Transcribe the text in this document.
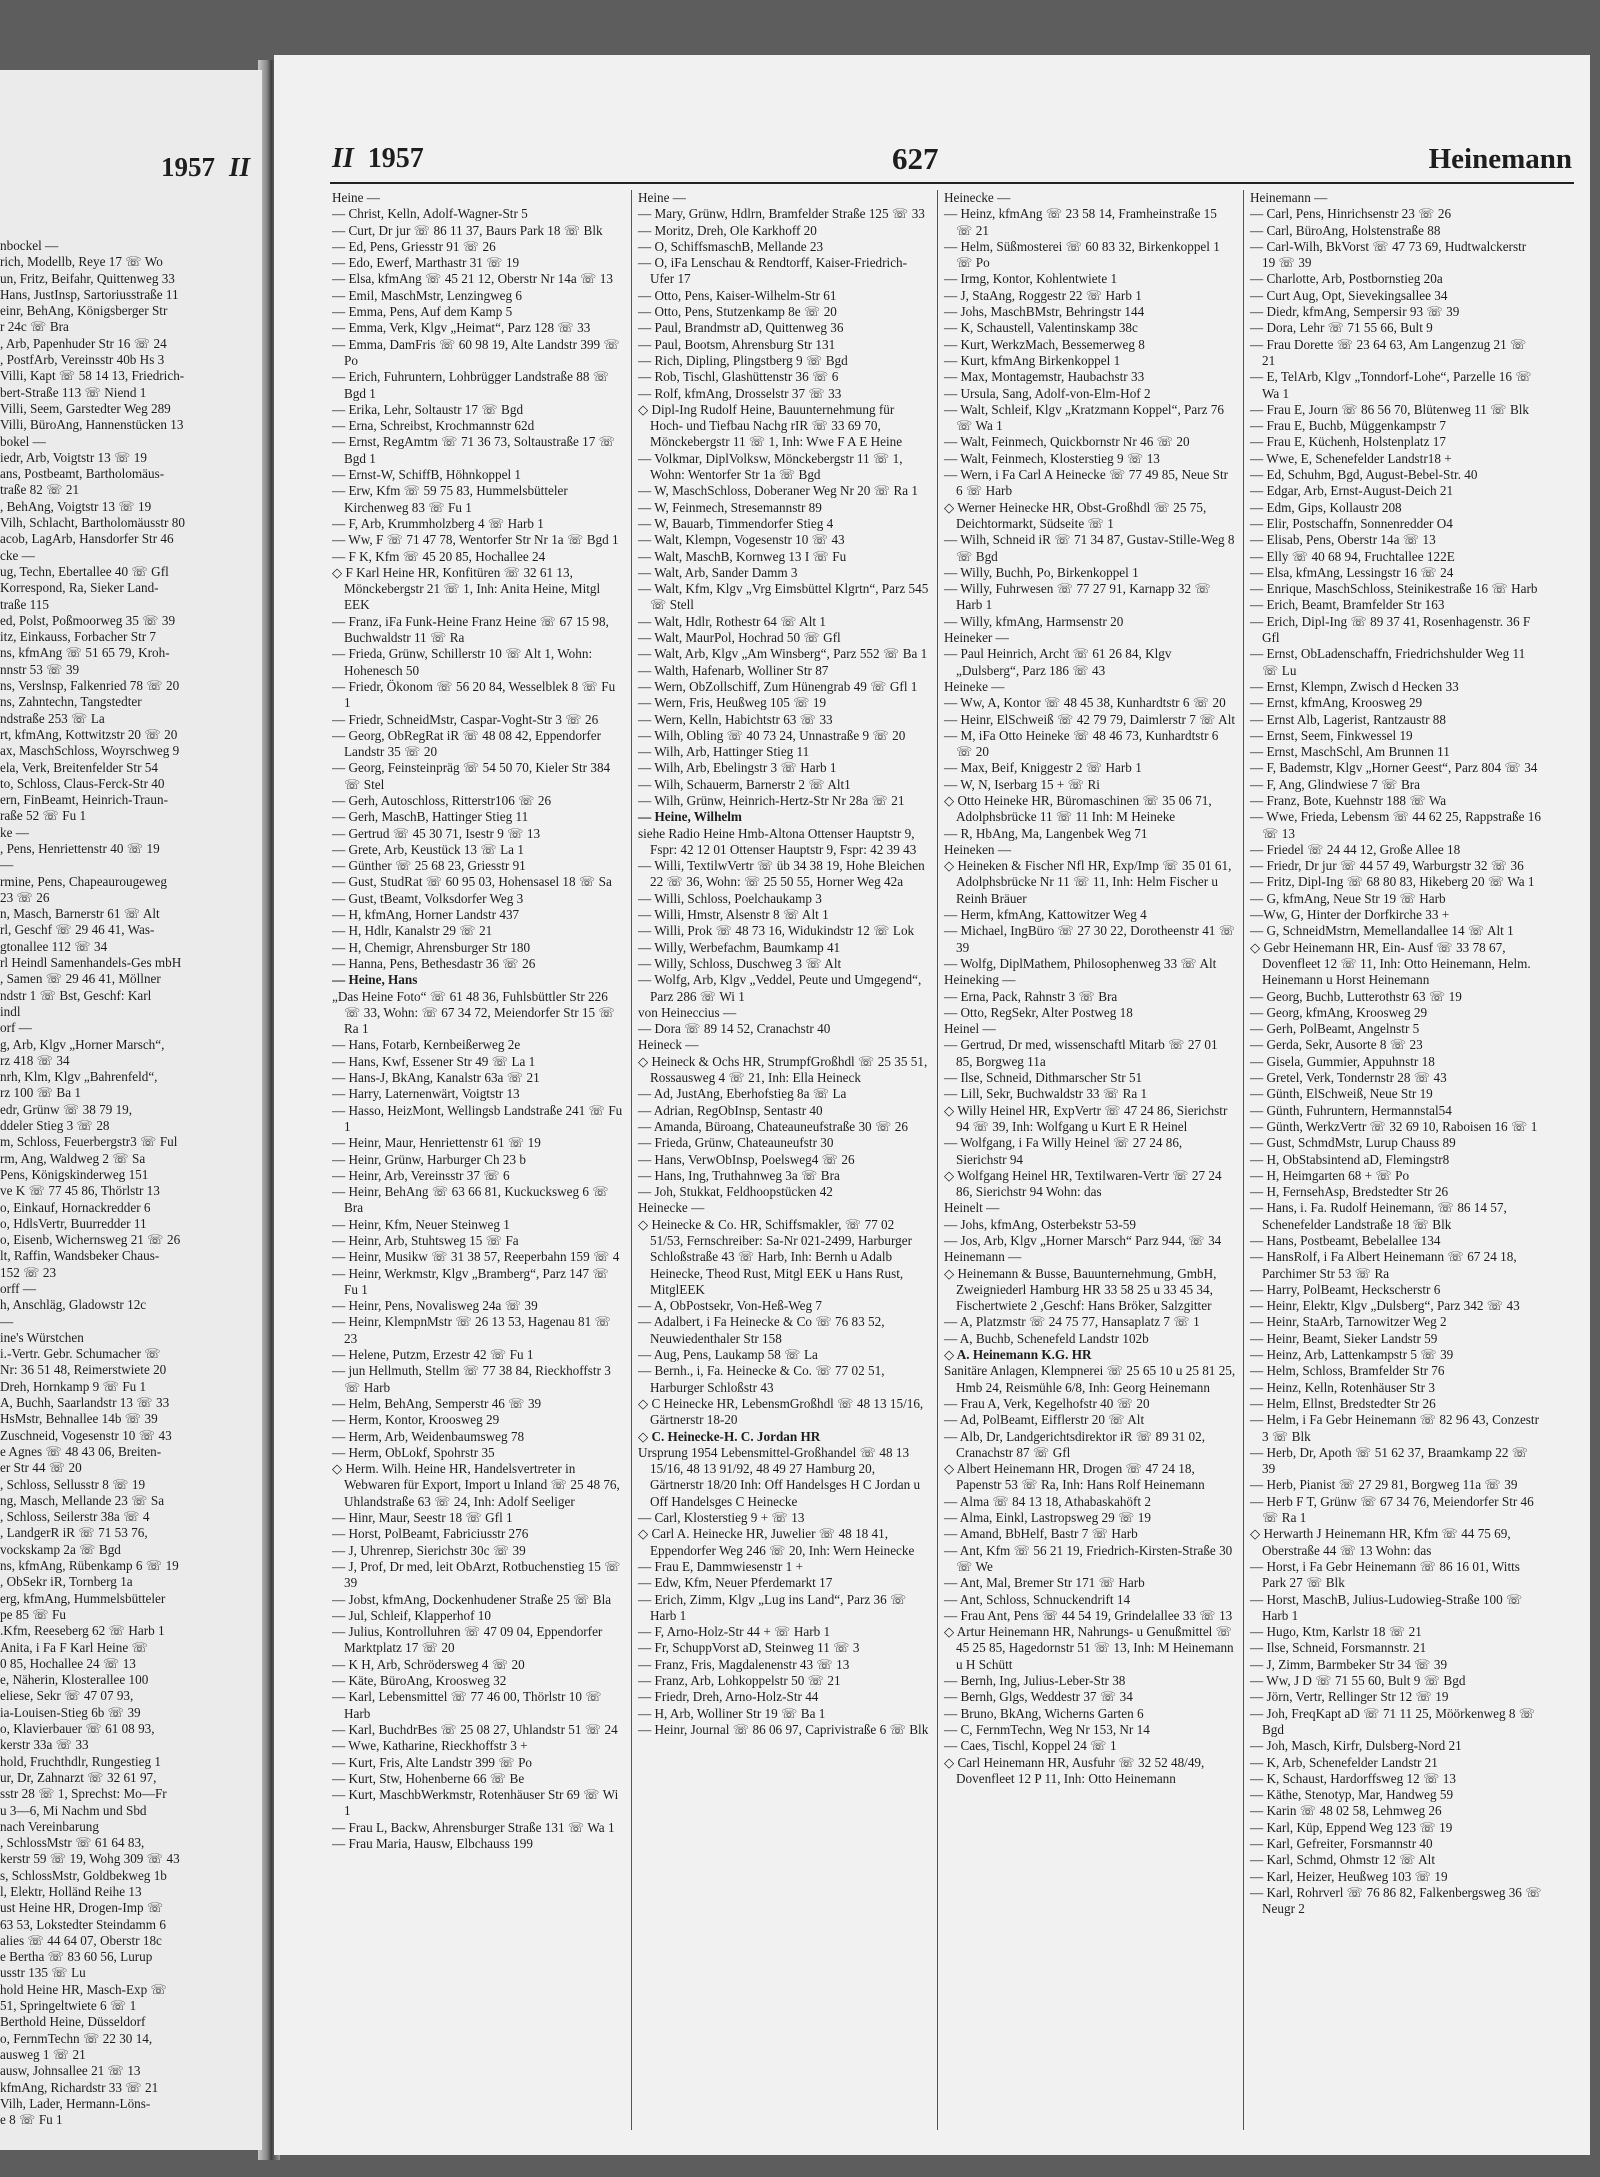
1957 II
nbockel —
rich, Modellb, Reye 17 ☏ Wo
un, Fritz, Beifahr, Quittenweg 33
Hans, JustInsp, Sartoriusstraße 11
einr, BehAng, Königsberger Str
r 24c ☏ Bra
, Arb, Papenhuder Str 16 ☏ 24
, PostfArb, Vereinsstr 40b Hs 3
Villi, Kapt ☏ 58 14 13, Friedrich-
bert-Straße 113 ☏ Niend 1
Villi, Seem, Garstedter Weg 289
Villi, BüroAng, Hannenstücken 13
bokel —
iedr, Arb, Voigtstr 13 ☏ 19
ans, Postbeamt, Bartholomäus-
traße 82 ☏ 21
, BehAng, Voigtstr 13 ☏ 19
Vilh, Schlacht, Bartholomäusstr 80
acob, LagArb, Hansdorfer Str 46
cke —
ug, Techn, Ebertallee 40 ☏ Gfl
Korrespond, Ra, Sieker Land-
traße 115
ed, Polst, Poßmoorweg 35 ☏ 39
itz, Einkauss, Forbacher Str 7
ns, kfmAng ☏ 51 65 79, Kroh-
nnstr 53 ☏ 39
ns, Verslnsp, Falkenried 78 ☏ 20
ns, Zahntechn, Tangstedter
ndstraße 253 ☏ La
rt, kfmAng, Kottwitzstr 20 ☏ 20
ax, MaschSchloss, Woyrschweg 9
ela, Verk, Breitenfelder Str 54
to, Schloss, Claus-Ferck-Str 40
ern, FinBeamt, Heinrich-Traun-
raße 52 ☏ Fu 1
ke —
, Pens, Henriettenstr 40 ☏ 19
—
rmine, Pens, Chapeaurougeweg
23 ☏ 26
n, Masch, Barnerstr 61 ☏ Alt
rl, Geschf ☏ 29 46 41, Was-
gtonallee 112 ☏ 34
rl Heindl Samenhandels-Ges mbH
, Samen ☏ 29 46 41, Möllner
ndstr 1 ☏ Bst, Geschf: Karl
indl
orf —
g, Arb, Klgv „Horner Marsch“,
rz 418 ☏ 34
nrh, Klm, Klgv „Bahrenfeld“,
rz 100 ☏ Ba 1
edr, Grünw ☏ 38 79 19,
ddeler Stieg 3 ☏ 28
m, Schloss, Feuerbergstr3 ☏ Ful
rm, Ang, Waldweg 2 ☏ Sa
Pens, Königskinderweg 151
ve K ☏ 77 45 86, Thörlstr 13
o, Einkauf, Hornackredder 6
o, HdlsVertr, Buurredder 11
o, Eisenb, Wichernsweg 21 ☏ 26
lt, Raffin, Wandsbeker Chaus-
152 ☏ 23
orff —
h, Anschläg, Gladowstr 12c
—
ine's Würstchen
i.-Vertr. Gebr. Schumacher ☏
Nr: 36 51 48, Reimerstwiete 20
Dreh, Hornkamp 9 ☏ Fu 1
A, Buchh, Saarlandstr 13 ☏ 33
HsMstr, Behnallee 14b ☏ 39
Zuschneid, Vogesenstr 10 ☏ 43
e Agnes ☏ 48 43 06, Breiten-
er Str 44 ☏ 20
, Schloss, Sellusstr 8 ☏ 19
ng, Masch, Mellande 23 ☏ Sa
, Schloss, Seilerstr 38a ☏ 4
, LandgerR iR ☏ 71 53 76,
vockskamp 2a ☏ Bgd
ns, kfmAng, Rübenkamp 6 ☏ 19
, ObSekr iR, Tornberg 1a
erg, kfmAng, Hummelsbütteler
pe 85 ☏ Fu
.Kfm, Reeseberg 62 ☏ Harb 1
Anita, i Fa F Karl Heine ☏
0 85, Hochallee 24 ☏ 13
e, Näherin, Klosterallee 100
eliese, Sekr ☏ 47 07 93,
ia-Louisen-Stieg 6b ☏ 39
o, Klavierbauer ☏ 61 08 93,
kerstr 33a ☏ 33
hold, Fruchthdlr, Rungestieg 1
ur, Dr, Zahnarzt ☏ 32 61 97,
sstr 28 ☏ 1, Sprechst: Mo—Fr
u 3—6, Mi Nachm und Sbd
nach Vereinbarung
, SchlossMstr ☏ 61 64 83,
kerstr 59 ☏ 19, Wohg 309 ☏ 43
s, SchlossMstr, Goldbekweg 1b
l, Elektr, Holländ Reihe 13
ust Heine HR, Drogen-Imp ☏
63 53, Lokstedter Steindamm 6
alies ☏ 44 64 07, Oberstr 18c
e Bertha ☏ 83 60 56, Lurup
usstr 135 ☏ Lu
hold Heine HR, Masch-Exp ☏
51, Springeltwiete 6 ☏ 1
Berthold Heine, Düsseldorf
o, FernmTechn ☏ 22 30 14,
ausweg 1 ☏ 21
ausw, Johnsallee 21 ☏ 13
kfmAng, Richardstr 33 ☏ 21
Vilh, Lader, Hermann-Löns-
e 8 ☏ Fu 1
II 1957	627	Heinemann
Heine —
— Christ, Kelln, Adolf-Wagner-Str 5
— Curt, Dr jur ☏ 86 11 37, Baurs Park 18 ☏ Blk
— Ed, Pens, Griesstr 91 ☏ 26
— Edo, Ewerf, Marthastr 31 ☏ 19
— Elsa, kfmAng ☏ 45 21 12, Oberstr Nr 14a ☏ 13
— Emil, MaschMstr, Lenzingweg 6
— Emma, Pens, Auf dem Kamp 5
— Emma, Verk, Klgv „Heimat“, Parz 128 ☏ 33
— Emma, DamFris ☏ 60 98 19, Alte Landstr 399 ☏ Po
— Erich, Fuhruntern, Lohbrügger Landstraße 88 ☏ Bgd 1
— Erika, Lehr, Soltaustr 17 ☏ Bgd
— Erna, Schreibst, Krochmannstr 62d
— Ernst, RegAmtm ☏ 71 36 73, Soltaustraße 17 ☏ Bgd 1
— Ernst-W, SchiffB, Höhnkoppel 1
— Erw, Kfm ☏ 59 75 83, Hummelsbütteler Kirchenweg 83 ☏ Fu 1
— F, Arb, Krummholzberg 4 ☏ Harb 1
— Ww, F ☏ 71 47 78, Wentorfer Str Nr 1a ☏ Bgd 1
— F K, Kfm ☏ 45 20 85, Hochallee 24
◇ F Karl Heine HR, Konfitüren ☏ 32 61 13, Mönckebergstr 21 ☏ 1, Inh: Anita Heine, Mitgl EEK
— Franz, iFa Funk-Heine Franz Heine ☏ 67 15 98, Buchwaldstr 11 ☏ Ra
— Frieda, Grünw, Schillerstr 10 ☏ Alt 1, Wohn: Hohenesch 50
— Friedr, Ökonom ☏ 56 20 84, Wesselblek 8 ☏ Fu 1
— Friedr, SchneidMstr, Caspar-Voght-Str 3 ☏ 26
— Georg, ObRegRat iR ☏ 48 08 42, Eppendorfer Landstr 35 ☏ 20
— Georg, Feinsteinpräg ☏ 54 50 70, Kieler Str 384 ☏ Stel
— Gerh, Autoschloss, Ritterstr106 ☏ 26
— Gerh, MaschB, Hattinger Stieg 11
— Gertrud ☏ 45 30 71, Isestr 9 ☏ 13
— Grete, Arb, Keustück 13 ☏ La 1
— Günther ☏ 25 68 23, Griesstr 91
— Gust, StudRat ☏ 60 95 03, Hohensasel 18 ☏ Sa
— Gust, tBeamt, Volksdorfer Weg 3
— H, kfmAng, Horner Landstr 437
— H, Hdlr, Kanalstr 29 ☏ 21
— H, Chemigr, Ahrensburger Str 180
— Hanna, Pens, Bethesdastr 36 ☏ 26
— Heine, Hans
„Das Heine Foto“ ☏ 61 48 36, Fuhlsbüttler Str 226 ☏ 33, Wohn: ☏ 67 34 72, Meiendorfer Str 15 ☏ Ra 1
— Hans, Fotarb, Kernbeißerweg 2e
— Hans, Kwf, Essener Str 49 ☏ La 1
— Hans-J, BkAng, Kanalstr 63a ☏ 21
— Harry, Laternenwärt, Voigtstr 13
— Hasso, HeizMont, Wellingsb Landstraße 241 ☏ Fu 1
— Heinr, Maur, Henriettenstr 61 ☏ 19
— Heinr, Grünw, Harburger Ch 23 b
— Heinr, Arb, Vereinsstr 37 ☏ 6
— Heinr, BehAng ☏ 63 66 81, Kuckucksweg 6 ☏ Bra
— Heinr, Kfm, Neuer Steinweg 1
— Heinr, Arb, Stuhtsweg 15 ☏ Fa
— Heinr, Musikw ☏ 31 38 57, Reeperbahn 159 ☏ 4
— Heinr, Werkmstr, Klgv „Bramberg“, Parz 147 ☏ Fu 1
— Heinr, Pens, Novalisweg 24a ☏ 39
— Heinr, KlempnMstr ☏ 26 13 53, Hagenau 81 ☏ 23
— Helene, Putzm, Erzestr 42 ☏ Fu 1
— jun Hellmuth, Stellm ☏ 77 38 84, Rieckhoffstr 3 ☏ Harb
— Helm, BehAng, Semperstr 46 ☏ 39
— Herm, Kontor, Kroosweg 29
— Herm, Arb, Weidenbaumsweg 78
— Herm, ObLokf, Spohrstr 35
◇ Herm. Wilh. Heine HR, Handelsvertreter in Webwaren für Export, Import u Inland ☏ 25 48 76, Uhlandstraße 63 ☏ 24, Inh: Adolf Seeliger
— Hinr, Maur, Seestr 18 ☏ Gfl 1
— Horst, PolBeamt, Fabriciusstr 276
— J, Uhrenrep, Sierichstr 30c ☏ 39
— J, Prof, Dr med, leit ObArzt, Rotbuchenstieg 15 ☏ 39
— Jobst, kfmAng, Dockenhudener Straße 25 ☏ Bla
— Jul, Schleif, Klapperhof 10
— Julius, Kontrolluhren ☏ 47 09 04, Eppendorfer Marktplatz 17 ☏ 20
— K H, Arb, Schrödersweg 4 ☏ 20
— Käte, BüroAng, Kroosweg 32
— Karl, Lebensmittel ☏ 77 46 00, Thörlstr 10 ☏ Harb
— Karl, BuchdrBes ☏ 25 08 27, Uhlandstr 51 ☏ 24
— Wwe, Katharine, Rieckhoffstr 3 +
— Kurt, Fris, Alte Landstr 399 ☏ Po
— Kurt, Stw, Hohenberne 66 ☏ Be
— Kurt, MaschbWerkmstr, Rotenhäuser Str 69 ☏ Wi 1
— Frau L, Backw, Ahrensburger Straße 131 ☏ Wa 1
— Frau Maria, Hausw, Elbchauss 199
Heine —
— Mary, Grünw, Hdlrn, Bramfelder Straße 125 ☏ 33
— Moritz, Dreh, Ole Karkhoff 20
— O, SchiffsmaschB, Mellande 23
— O, iFa Lenschau & Rendtorff, Kaiser-Friedrich-Ufer 17
— Otto, Pens, Kaiser-Wilhelm-Str 61
— Otto, Pens, Stutzenkamp 8e ☏ 20
— Paul, Brandmstr aD, Quittenweg 36
— Paul, Bootsm, Ahrensburg Str 131
— Rich, Dipling, Plingstberg 9 ☏ Bgd
— Rob, Tischl, Glashüttenstr 36 ☏ 6
— Rolf, kfmAng, Drosselstr 37 ☏ 33
◇ Dipl-Ing Rudolf Heine, Bauunternehmung für Hoch- und Tiefbau Nachg rIR ☏ 33 69 70, Mönckebergstr 11 ☏ 1, Inh: Wwe F A E Heine
— Volkmar, DiplVolksw, Mönckebergstr 11 ☏ 1, Wohn: Wentorfer Str 1a ☏ Bgd
— W, MaschSchloss, Doberaner Weg Nr 20 ☏ Ra 1
— W, Feinmech, Stresemannstr 89
— W, Bauarb, Timmendorfer Stieg 4
— Walt, Klempn, Vogesenstr 10 ☏ 43
— Walt, MaschB, Kornweg 13 I ☏ Fu
— Walt, Arb, Sander Damm 3
— Walt, Kfm, Klgv „Vrg Eimsbüttel Klgrtn“, Parz 545 ☏ Stell
— Walt, Hdlr, Rothestr 64 ☏ Alt 1
— Walt, MaurPol, Hochrad 50 ☏ Gfl
— Walt, Arb, Klgv „Am Winsberg“, Parz 552 ☏ Ba 1
— Walth, Hafenarb, Wolliner Str 87
— Wern, ObZollschiff, Zum Hünengrab 49 ☏ Gfl 1
— Wern, Fris, Heußweg 105 ☏ 19
— Wern, Kelln, Habichtstr 63 ☏ 33
— Wilh, Obling ☏ 40 73 24, Unnastraße 9 ☏ 20
— Wilh, Arb, Hattinger Stieg 11
— Wilh, Arb, Ebelingstr 3 ☏ Harb 1
— Wilh, Schauerm, Barnerstr 2 ☏ Alt1
— Wilh, Grünw, Heinrich-Hertz-Str Nr 28a ☏ 21
— Heine, Wilhelm
siehe Radio Heine Hmb-Altona Ottenser Hauptstr 9, Fspr: 42 12 01 Ottenser Hauptstr 9, Fspr: 42 39 43
— Willi, TextilwVertr ☏ üb 34 38 19, Hohe Bleichen 22 ☏ 36, Wohn: ☏ 25 50 55, Horner Weg 42a
— Willi, Schloss, Poelchaukamp 3
— Willi, Hmstr, Alsenstr 8 ☏ Alt 1
— Willi, Prok ☏ 48 73 16, Widukindstr 12 ☏ Lok
— Willy, Werbefachm, Baumkamp 41
— Willy, Schloss, Duschweg 3 ☏ Alt
— Wolfg, Arb, Klgv „Veddel, Peute und Umgegend“, Parz 286 ☏ Wi 1
von Heineccius —
— Dora ☏ 89 14 52, Cranachstr 40
Heineck —
◇ Heineck & Ochs HR, StrumpfGroßhdl ☏ 25 35 51, Rossausweg 4 ☏ 21, Inh: Ella Heineck
— Ad, JustAng, Eberhofstieg 8a ☏ La
— Adrian, RegObInsp, Sentastr 40
— Amanda, Büroang, Chateauneufstraße 30 ☏ 26
— Frieda, Grünw, Chateauneufstr 30
— Hans, VerwObInsp, Poelsweg4 ☏ 26
— Hans, Ing, Truthahnweg 3a ☏ Bra
— Joh, Stukkat, Feldhoopstücken 42
Heinecke —
◇ Heinecke & Co. HR, Schiffsmakler, ☏ 77 02 51/53, Fernschreiber: Sa-Nr 021-2499, Harburger Schloßstraße 43 ☏ Harb, Inh: Bernh u Adalb Heinecke, Theod Rust, Mitgl EEK u Hans Rust, MitglEEK
— A, ObPostsekr, Von-Heß-Weg 7
— Adalbert, i Fa Heinecke & Co ☏ 76 83 52, Neuwiedenthaler Str 158
— Aug, Pens, Laukamp 58 ☏ La
— Bernh., i, Fa. Heinecke & Co. ☏ 77 02 51, Harburger Schloßstr 43
◇ C Heinecke HR, LebensmGroßhdl ☏ 48 13 15/16, Gärtnerstr 18-20
◇ C. Heinecke-H. C. Jordan HR
Ursprung 1954 Lebensmittel-Großhandel ☏ 48 13 15/16, 48 13 91/92, 48 49 27 Hamburg 20, Gärtnerstr 18/20 Inh: Off Handelsges H C Jordan u Off Handelsges C Heinecke
— Carl, Klosterstieg 9 + ☏ 13
◇ Carl A. Heinecke HR, Juwelier ☏ 48 18 41, Eppendorfer Weg 246 ☏ 20, Inh: Wern Heinecke
— Frau E, Dammwiesenstr 1 +
— Edw, Kfm, Neuer Pferdemarkt 17
— Erich, Zimm, Klgv „Lug ins Land“, Parz 36 ☏ Harb 1
— F, Arno-Holz-Str 44 + ☏ Harb 1
— Fr, SchuppVorst aD, Steinweg 11 ☏ 3
— Franz, Fris, Magdalenenstr 43 ☏ 13
— Franz, Arb, Lohkoppelstr 50 ☏ 21
— Friedr, Dreh, Arno-Holz-Str 44
— H, Arb, Wolliner Str 19 ☏ Ba 1
— Heinr, Journal ☏ 86 06 97, Caprivistraße 6 ☏ Blk
Heinecke —
— Heinz, kfmAng ☏ 23 58 14, Framheinstraße 15 ☏ 21
— Helm, Süßmosterei ☏ 60 83 32, Birkenkoppel 1 ☏ Po
— Irmg, Kontor, Kohlentwiete 1
— J, StaAng, Roggestr 22 ☏ Harb 1
— Johs, MaschBMstr, Behringstr 144
— K, Schaustell, Valentinskamp 38c
— Kurt, WerkzMach, Bessemerweg 8
— Kurt, kfmAng Birkenkoppel 1
— Max, Montagemstr, Haubachstr 33
— Ursula, Sang, Adolf-von-Elm-Hof 2
— Walt, Schleif, Klgv „Kratzmann Koppel“, Parz 76 ☏ Wa 1
— Walt, Feinmech, Quickbornstr Nr 46 ☏ 20
— Walt, Feinmech, Klosterstieg 9 ☏ 13
— Wern, i Fa Carl A Heinecke ☏ 77 49 85, Neue Str 6 ☏ Harb
◇ Werner Heinecke HR, Obst-Großhdl ☏ 25 75, Deichtormarkt, Südseite ☏ 1
— Wilh, Schneid iR ☏ 71 34 87, Gustav-Stille-Weg 8 ☏ Bgd
— Willy, Buchh, Po, Birkenkoppel 1
— Willy, Fuhrwesen ☏ 77 27 91, Karnapp 32 ☏ Harb 1
— Willy, kfmAng, Harmsenstr 20
Heineker —
— Paul Heinrich, Archt ☏ 61 26 84, Klgv „Dulsberg“, Parz 186 ☏ 43
Heineke —
— Ww, A, Kontor ☏ 48 45 38, Kunhardtstr 6 ☏ 20
— Heinr, ElSchweiß ☏ 42 79 79, Daimlerstr 7 ☏ Alt
— M, iFa Otto Heineke ☏ 48 46 73, Kunhardtstr 6 ☏ 20
— Max, Beif, Kniggestr 2 ☏ Harb 1
— W, N, Iserbarg 15 + ☏ Ri
◇ Otto Heineke HR, Büromaschinen ☏ 35 06 71, Adolphsbrücke 11 ☏ 11 Inh: M Heineke
— R, HbAng, Ma, Langenbek Weg 71
Heineken —
◇ Heineken & Fischer Nfl HR, Exp/Imp ☏ 35 01 61, Adolphsbrücke Nr 11 ☏ 11, Inh: Helm Fischer u Reinh Bräuer
— Herm, kfmAng, Kattowitzer Weg 4
— Michael, IngBüro ☏ 27 30 22, Dorotheenstr 41 ☏ 39
— Wolfg, DiplMathem, Philosophenweg 33 ☏ Alt
Heineking —
— Erna, Pack, Rahnstr 3 ☏ Bra
— Otto, RegSekr, Alter Postweg 18
Heinel —
— Gertrud, Dr med, wissenschaftl Mitarb ☏ 27 01 85, Borgweg 11a
— Ilse, Schneid, Dithmarscher Str 51
— Lill, Sekr, Buchwaldstr 33 ☏ Ra 1
◇ Willy Heinel HR, ExpVertr ☏ 47 24 86, Sierichstr 94 ☏ 39, Inh: Wolfgang u Kurt E R Heinel
— Wolfgang, i Fa Willy Heinel ☏ 27 24 86, Sierichstr 94
◇ Wolfgang Heinel HR, Textilwaren-Vertr ☏ 27 24 86, Sierichstr 94 Wohn: das
Heinelt —
— Johs, kfmAng, Osterbekstr 53-59
— Jos, Arb, Klgv „Horner Marsch“ Parz 944, ☏ 34
Heinemann —
◇ Heinemann & Busse, Bauunternehmung, GmbH, Zweigniederl Hamburg HR 33 58 25 u 33 45 34, Fischertwiete 2 ,Geschf: Hans Bröker, Salzgitter
— A, Platzmstr ☏ 24 75 77, Hansaplatz 7 ☏ 1
— A, Buchb, Schenefeld Landstr 102b
◇ A. Heinemann K.G. HR
Sanitäre Anlagen, Klempnerei ☏ 25 65 10 u 25 81 25, Hmb 24, Reismühle 6/8, Inh: Georg Heinemann
— Frau A, Verk, Kegelhofstr 40 ☏ 20
— Ad, PolBeamt, Eifflerstr 20 ☏ Alt
— Alb, Dr, Landgerichtsdirektor iR ☏ 89 31 02, Cranachstr 87 ☏ Gfl
◇ Albert Heinemann HR, Drogen ☏ 47 24 18, Papenstr 53 ☏ Ra, Inh: Hans Rolf Heinemann
— Alma ☏ 84 13 18, Athabaskahöft 2
— Alma, Einkl, Lastropsweg 29 ☏ 19
— Amand, BbHelf, Bastr 7 ☏ Harb
— Ant, Kfm ☏ 56 21 19, Friedrich-Kirsten-Straße 30 ☏ We
— Ant, Mal, Bremer Str 171 ☏ Harb
— Ant, Schloss, Schnuckendrift 14
— Frau Ant, Pens ☏ 44 54 19, Grindelallee 33 ☏ 13
◇ Artur Heinemann HR, Nahrungs- u Genußmittel ☏ 45 25 85, Hagedornstr 51 ☏ 13, Inh: M Heinemann u H Schütt
— Bernh, Ing, Julius-Leber-Str 38
— Bernh, Glgs, Weddestr 37 ☏ 34
— Bruno, BkAng, Wicherns Garten 6
— C, FernmTechn, Weg Nr 153, Nr 14
— Caes, Tischl, Koppel 24 ☏ 1
◇ Carl Heinemann HR, Ausfuhr ☏ 32 52 48/49, Dovenfleet 12 P 11, Inh: Otto Heinemann
Heinemann —
— Carl, Pens, Hinrichsenstr 23 ☏ 26
— Carl, BüroAng, Holstenstraße 88
— Carl-Wilh, BkVorst ☏ 47 73 69, Hudtwalckerstr 19 ☏ 39
— Charlotte, Arb, Postbornstieg 20a
— Curt Aug, Opt, Sievekingsallee 34
— Diedr, kfmAng, Sempersir 93 ☏ 39
— Dora, Lehr ☏ 71 55 66, Bult 9
— Frau Dorette ☏ 23 64 63, Am Langenzug 21 ☏ 21
— E, TelArb, Klgv „Tonndorf-Lohe“, Parzelle 16 ☏ Wa 1
— Frau E, Journ ☏ 86 56 70, Blütenweg 11 ☏ Blk
— Frau E, Buchb, Müggenkampstr 7
— Frau E, Küchenh, Holstenplatz 17
— Wwe, E, Schenefelder Landstr18 +
— Ed, Schuhm, Bgd, August-Bebel-Str. 40
— Edgar, Arb, Ernst-August-Deich 21
— Edm, Gips, Kollaustr 208
— Elir, Postschaffn, Sonnenredder O4
— Elisab, Pens, Oberstr 14a ☏ 13
— Elly ☏ 40 68 94, Fruchtallee 122E
— Elsa, kfmAng, Lessingstr 16 ☏ 24
— Enrique, MaschSchloss, Steinikestraße 16 ☏ Harb
— Erich, Beamt, Bramfelder Str 163
— Erich, Dipl-Ing ☏ 89 37 41, Rosenhagenstr. 36 F Gfl
— Ernst, ObLadenschaffn, Friedrichshulder Weg 11 ☏ Lu
— Ernst, Klempn, Zwisch d Hecken 33
— Ernst, kfmAng, Kroosweg 29
— Ernst Alb, Lagerist, Rantzaustr 88
— Ernst, Seem, Finkwessel 19
— Ernst, MaschSchl, Am Brunnen 11
— F, Bademstr, Klgv „Horner Geest“, Parz 804 ☏ 34
— F, Ang, Glindwiese 7 ☏ Bra
— Franz, Bote, Kuehnstr 188 ☏ Wa
— Wwe, Frieda, Lebensm ☏ 44 62 25, Rappstraße 16 ☏ 13
— Friedel ☏ 24 44 12, Große Allee 18
— Friedr, Dr jur ☏ 44 57 49, Warburgstr 32 ☏ 36
— Fritz, Dipl-Ing ☏ 68 80 83, Hikeberg 20 ☏ Wa 1
— G, kfmAng, Neue Str 19 ☏ Harb
—Ww, G, Hinter der Dorfkirche 33 +
— G, SchneidMstrn, Memellandallee 14 ☏ Alt 1
◇ Gebr Heinemann HR, Ein- Ausf ☏ 33 78 67, Dovenfleet 12 ☏ 11, Inh: Otto Heinemann, Helm. Heinemann u Horst Heinemann
— Georg, Buchb, Lutterothstr 63 ☏ 19
— Georg, kfmAng, Kroosweg 29
— Gerh, PolBeamt, Angelnstr 5
— Gerda, Sekr, Ausorte 8 ☏ 23
— Gisela, Gummier, Appuhnstr 18
— Gretel, Verk, Tondernstr 28 ☏ 43
— Günth, ElSchweiß, Neue Str 19
— Günth, Fuhruntern, Hermannstal54
— Günth, WerkzVertr ☏ 32 69 10, Raboisen 16 ☏ 1
— Gust, SchmdMstr, Lurup Chauss 89
— H, ObStabsintend aD, Flemingstr8
— H, Heimgarten 68 + ☏ Po
— H, FernsehAsp, Bredstedter Str 26
— Hans, i. Fa. Rudolf Heinemann, ☏ 86 14 57, Schenefelder Landstraße 18 ☏ Blk
— Hans, Postbeamt, Bebelallee 134
— HansRolf, i Fa Albert Heinemann ☏ 67 24 18, Parchimer Str 53 ☏ Ra
— Harry, PolBeamt, Heckscherstr 6
— Heinr, Elektr, Klgv „Dulsberg“, Parz 342 ☏ 43
— Heinr, StaArb, Tarnowitzer Weg 2
— Heinr, Beamt, Sieker Landstr 59
— Heinz, Arb, Lattenkampstr 5 ☏ 39
— Helm, Schloss, Bramfelder Str 76
— Heinz, Kelln, Rotenhäuser Str 3
— Helm, Ellnst, Bredstedter Str 26
— Helm, i Fa Gebr Heinemann ☏ 82 96 43, Conzestr 3 ☏ Blk
— Herb, Dr, Apoth ☏ 51 62 37, Braamkamp 22 ☏ 39
— Herb, Pianist ☏ 27 29 81, Borgweg 11a ☏ 39
— Herb F T, Grünw ☏ 67 34 76, Meiendorfer Str 46 ☏ Ra 1
◇ Herwarth J Heinemann HR, Kfm ☏ 44 75 69, Oberstraße 44 ☏ 13 Wohn: das
— Horst, i Fa Gebr Heinemann ☏ 86 16 01, Witts Park 27 ☏ Blk
— Horst, MaschB, Julius-Ludowieg-Straße 100 ☏ Harb 1
— Hugo, Ktm, Karlstr 18 ☏ 21
— Ilse, Schneid, Forsmannstr. 21
— J, Zimm, Barmbeker Str 34 ☏ 39
— Ww, J D ☏ 71 55 60, Bult 9 ☏ Bgd
— Jörn, Vertr, Rellinger Str 12 ☏ 19
— Joh, FreqKapt aD ☏ 71 11 25, Möörkenweg 8 ☏ Bgd
— Joh, Masch, Kirfr, Dulsberg-Nord 21
— K, Arb, Schenefelder Landstr 21
— K, Schaust, Hardorffsweg 12 ☏ 13
— Käthe, Stenotyp, Mar, Handweg 59
— Karin ☏ 48 02 58, Lehmweg 26
— Karl, Küp, Eppend Weg 123 ☏ 19
— Karl, Gefreiter, Forsmannstr 40
— Karl, Schmd, Ohmstr 12 ☏ Alt
— Karl, Heizer, Heußweg 103 ☏ 19
— Karl, Rohrverl ☏ 76 86 82, Falkenbergsweg 36 ☏ Neugr 2
